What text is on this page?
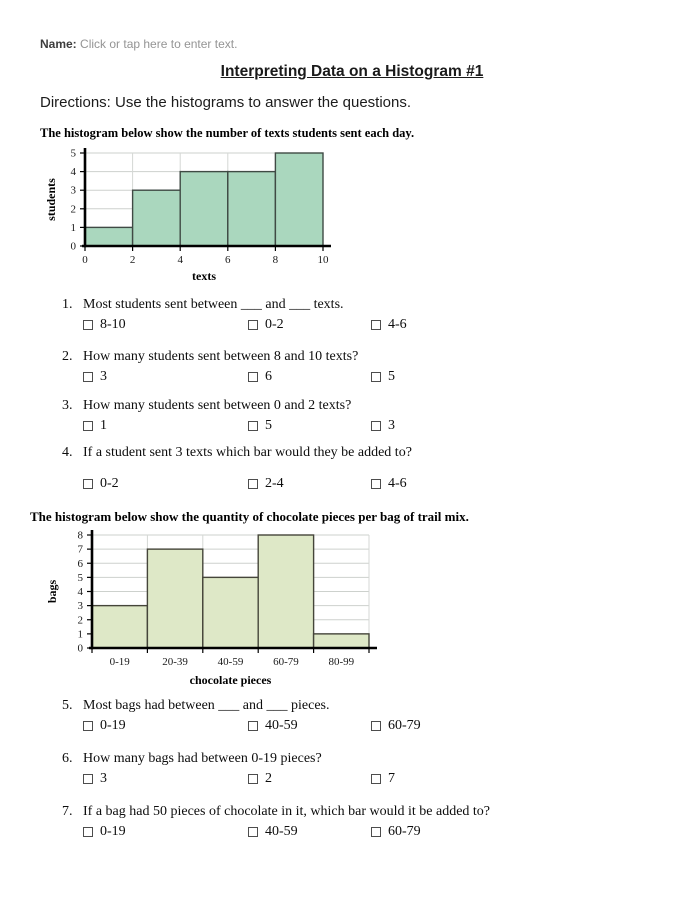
Name: Click or tap here to enter text.
Interpreting Data on a Histogram #1
Directions: Use the histograms to answer the questions.
The histogram below show the number of texts students sent each day.
0
1
2
3
4
5
0	2	4	6	8	10
texts
students
1. Most students sent between ___ and ___ texts.
8-10	0-2	4-6
2. How many students sent between 8 and 10 texts?
3	6	5
3. How many students sent between 0 and 2 texts?
1	5	3
4. If a student sent 3 texts which bar would they be added to?
0-2	2-4	4-6
The histogram below show the quantity of chocolate pieces per bag of trail mix.
0
1
2
3
4
5
6
7
8
0-19	20-39	40-59	60-79	80-99
chocolate pieces
bags
5. Most bags had between ___ and ___ pieces.
0-19	40-59	60-79
6. How many bags had between 0-19 pieces?
3	2	7
7. If a bag had 50 pieces of chocolate in it, which bar would it be added to?
0-19	40-59	60-79
